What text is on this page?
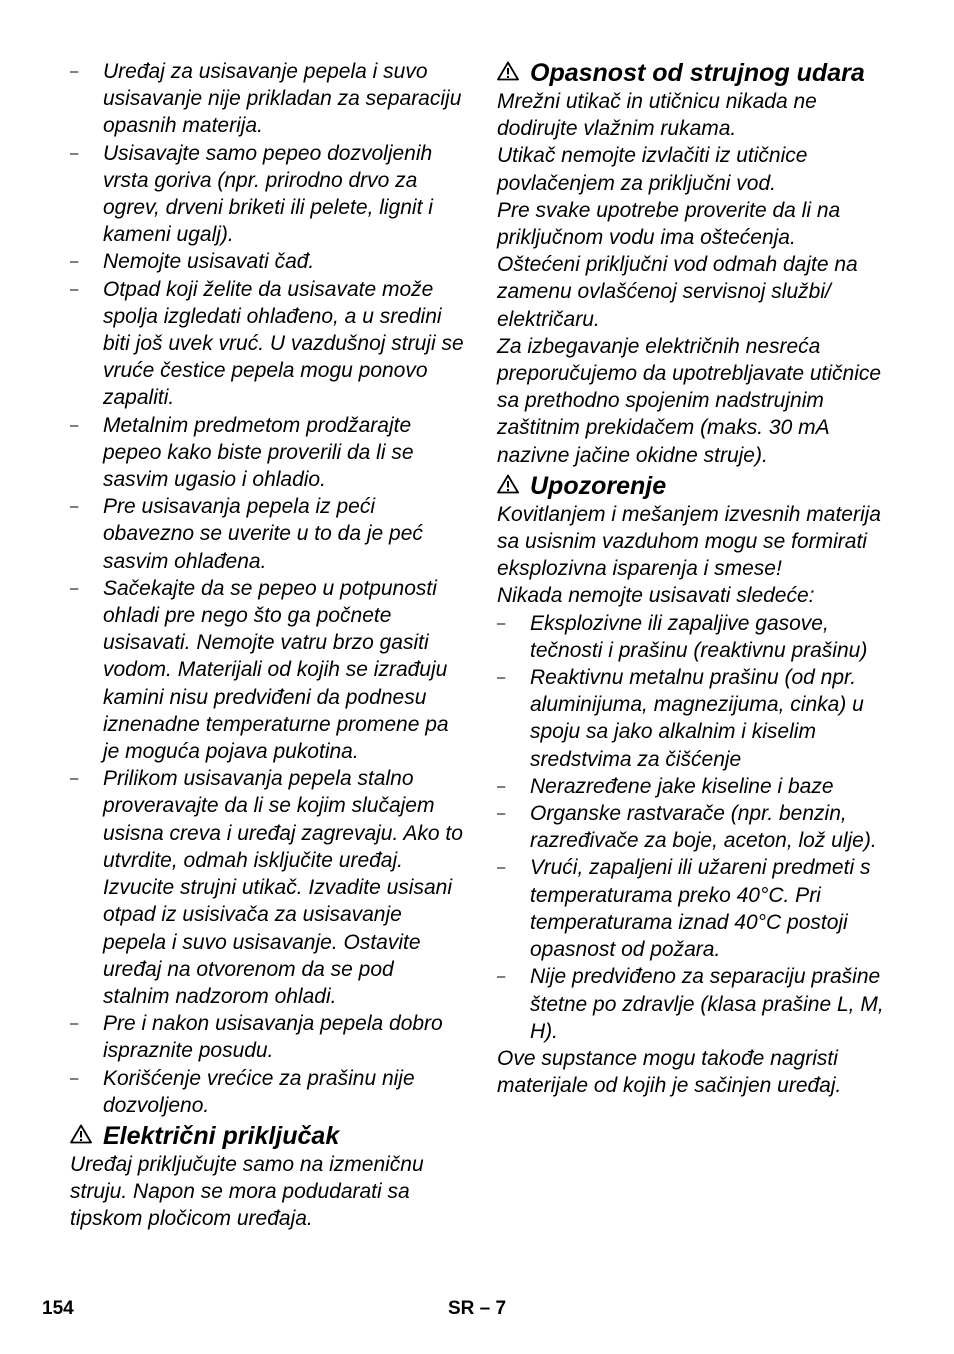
– Uređaj za usisavanje pepela i suvo usisavanje nije prikladan za separaciju opasnih materija.
– Usisavajte samo pepeo dozvoljenih vrsta goriva (npr. prirodno drvo za ogrev, drveni briketi ili pelete, lignit i kameni ugalj).
– Nemojte usisavati čađ.
– Otpad koji želite da usisavate može spolja izgledati ohlađeno, a u sredini biti još uvek vruć. U vazdušnoj struji se vruće čestice pepela mogu ponovo zapaliti.
– Metalnim predmetom prodžarajte pepeo kako biste proverili da li se sasvim ugasio i ohladio.
– Pre usisavanja pepela iz peći obavezno se uverite u to da je peć sasvim ohlađena.
– Sačekajte da se pepeo u potpunosti ohladi pre nego što ga počnete usisavati. Nemojte vatru brzo gasiti vodom. Materijali od kojih se izrađuju kamini nisu predviđeni da podnesu iznenadne temperaturne promene pa je moguća pojava pukotina.
– Prilikom usisavanja pepela stalno proveravajte da li se kojim slučajem usisna creva i uređaj zagrevaju. Ako to utvrdite, odmah isključite uređaj. Izvucite strujni utikač. Izvadite usisani otpad iz usisivača za usisavanje pepela i suvo usisavanje. Ostavite uređaj na otvorenom da se pod stalnim nadzorom ohladi.
– Pre i nakon usisavanja pepela dobro ispraznite posudu.
– Korišćenje vrećice za prašinu nije dozvoljeno.
Električni priključak

Uređaj priključujte samo na izmeničnu struju. Napon se mora podudarati sa tipskom pločicom uređaja.

Opasnost od strujnog udara

Mrežni utikač in utičnicu nikada ne dodirujte vlažnim rukama.

Utikač nemojte izvlačiti iz utičnice povlačenjem za priključni vod.

Pre svake upotrebe proverite da li na priključnom vodu ima oštećenja.

Oštećeni priključni vod odmah dajte na zamenu ovlašćenoj servisnoj službi/ električaru.

Za izbegavanje električnih nesreća preporučujemo da upotrebljavate utičnice sa prethodno spojenim nadstrujnim zaštitnim prekidačem (maks. 30 mA nazivne jačine okidne struje).

Upozorenje

Kovitlanjem i mešanjem izvesnih materija sa usisnim vazduhom mogu se formirati eksplozivna isparenja i smese!

Nikada nemojte usisavati sledeće:

– Eksplozivne ili zapaljive gasove, tečnosti i prašinu (reaktivnu prašinu)
– Reaktivnu metalnu prašinu (od npr. aluminijuma, magnezijuma, cinka) u spoju sa jako alkalnim i kiselim sredstvima za čišćenje
– Nerazređene jake kiseline i baze
– Organske rastvarače (npr. benzin, razređivače za boje, aceton, lož ulje).
– Vrući, zapaljeni ili užareni predmeti s temperaturama preko 40°C. Pri temperaturama iznad 40°C postoji opasnost od požara.
– Nije predviđeno za separaciju prašine štetne po zdravlje (klasa prašine L, M, H).

Ove supstance mogu takođe nagristi materijale od kojih je sačinjen uređaj.

154	SR – 7
